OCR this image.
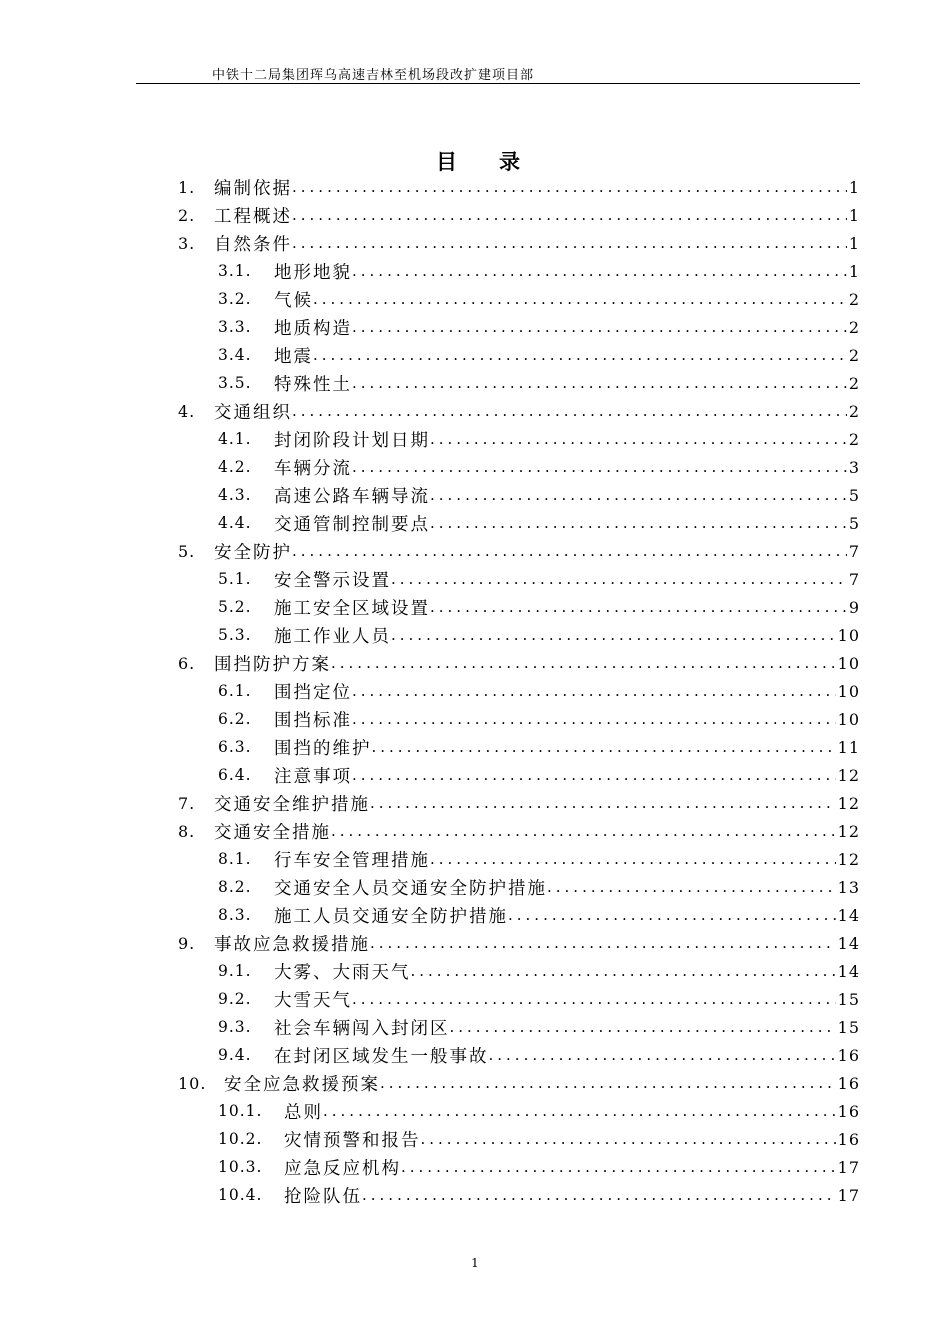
中铁十二局集团珲乌高速吉林至机场段改扩建项目部
目录
1.	编制依据 .....	1
2.	工程概述 .....	1
3.	自然条件 .....	1
3.1.	地形地貌 .....	1
3.2.	气候 .....	2
3.3.	地质构造 .....	2
3.4.	地震 .....	2
3.5.	特殊性土 .....	2
4.	交通组织 .....	2
4.1.	封闭阶段计划日期 .....	2
4.2.	车辆分流 .....	3
4.3.	高速公路车辆导流 .....	5
4.4.	交通管制控制要点 .....	5
5.	安全防护 .....	7
5.1.	安全警示设置 .....	7
5.2.	施工安全区域设置 .....	9
5.3.	施工作业人员 .....	10
6.	围挡防护方案 .....	10
6.1.	围挡定位 .....	10
6.2.	围挡标准 .....	10
6.3.	围挡的维护 .....	11
6.4.	注意事项 .....	12
7.	交通安全维护措施 .....	12
8.	交通安全措施 .....	12
8.1.	行车安全管理措施 .....	12
8.2.	交通安全人员交通安全防护措施 .....	13
8.3.	施工人员交通安全防护措施 .....	14
9.	事故应急救援措施 .....	14
9.1.	大雾、大雨天气 .....	14
9.2.	大雪天气 .....	15
9.3.	社会车辆闯入封闭区 .....	15
9.4.	在封闭区域发生一般事故 .....	16
10.	安全应急救援预案 .....	16
10.1.	总则 .....	16
10.2.	灾情预警和报告 .....	16
10.3.	应急反应机构 .....	17
10.4.	抢险队伍 .....	17
1
